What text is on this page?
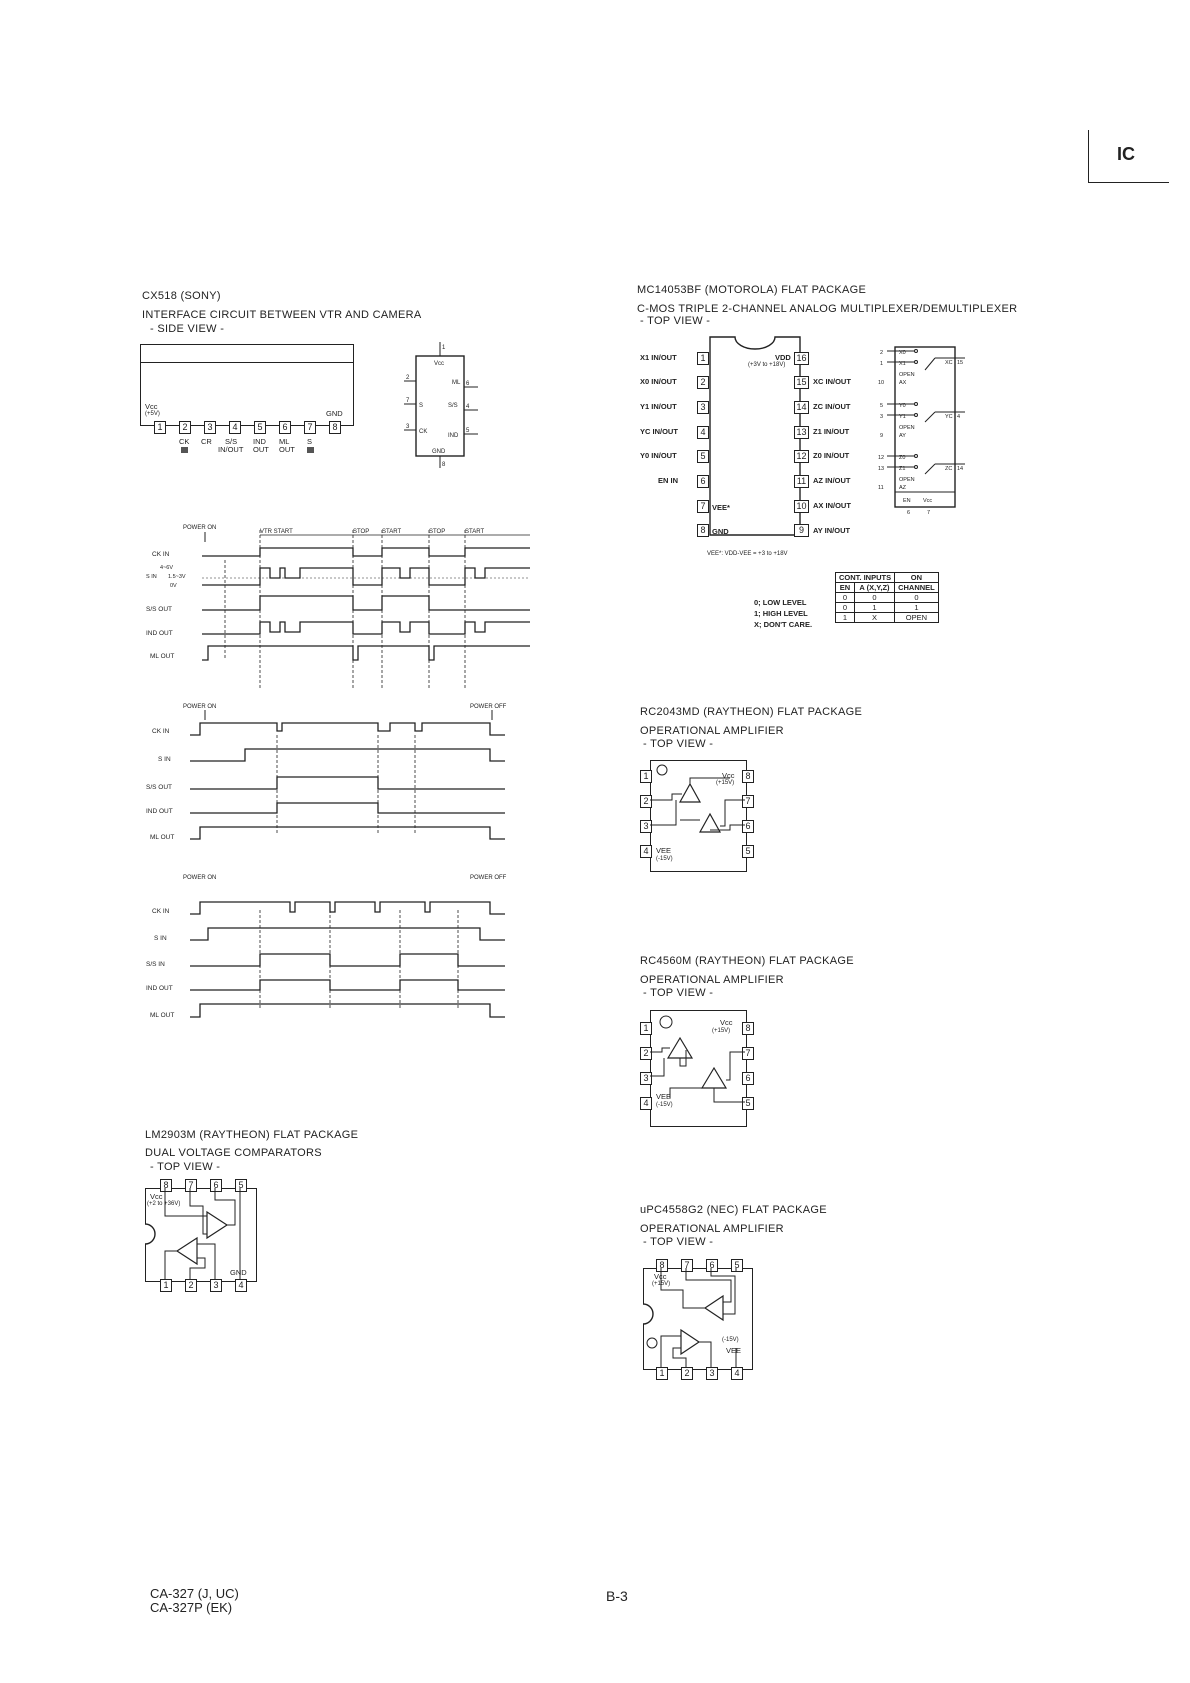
IC
CX518 (SONY)
INTERFACE CIRCUIT BETWEEN VTR AND CAMERA
- SIDE VIEW -
Vcc
(+5V)	GND
1	2	3	4	5	6	7	8
CK CR S/S IND ML S
IN/OUT OUT OUT
1
Vcc
ML 6
2
S
7
S/S 4
CK
3
IND
5
GND
8
POWER ON
VTR START	STOP START	STOP	START
CK IN
4~6V
S IN 1.5~3V
0V
S/S OUT
IND OUT
ML OUT
POWER ON	POWER OFF
CK IN
S IN
S/S OUT
IND OUT
ML OUT
POWER ON	POWER OFF
CK IN
S IN
S/S IN
IND OUT
ML OUT
LM2903M (RAYTHEON) FLAT PACKAGE
DUAL VOLTAGE COMPARATORS
- TOP VIEW -
8	7	6	5
1	2	3	4
Vcc
(+2 to +36V)
GND
MC14053BF (MOTOROLA) FLAT PACKAGE
C-MOS TRIPLE 2-CHANNEL ANALOG MULTIPLEXER/DEMULTIPLEXER
- TOP VIEW -
X1 IN/OUT
X0 IN/OUT
Y1 IN/OUT
YC IN/OUT
Y0 IN/OUT
EN IN
1
2
3
4
5
6
7
8
VEE*
GND
VDD
(+3V to +18V)
16
15
14
13
12
11
10
9
XC IN/OUT
ZC IN/OUT
Z1 IN/OUT
Z0 IN/OUT
AZ IN/OUT
AX IN/OUT
AY IN/OUT
VEE*: VDD-VEE = +3 to +18V
2	X0
1	X1
OPEN
10	AX
XC 15
5	Y0
3	Y1
OPEN
9	AY
YC 4
12	Z0
13	Z1
OPEN
11	AZ
ZC 14
EN Vcc
6	7
CONT. INPUTS		ON
EN	A (X,Y,Z)	CHANNEL
0	0	0
0	1	1
1	X	OPEN
0; LOW LEVEL
1; HIGH LEVEL
X; DON'T CARE.
RC2043MD (RAYTHEON) FLAT PACKAGE
OPERATIONAL AMPLIFIER
- TOP VIEW -
1
2
3
4
8
7
6
5
Vcc
(+15V)
VEE
(-15V)
RC4560M (RAYTHEON) FLAT PACKAGE
OPERATIONAL AMPLIFIER
- TOP VIEW -
1
2
3
4
8
7
6
5
Vcc
(+15V)
VEE
(-15V)
uPC4558G2 (NEC) FLAT PACKAGE
OPERATIONAL AMPLIFIER
- TOP VIEW -
8	7	6	5
1	2	3	4
Vcc
(+15V)
(-15V)
VEE
CA-327 (J, UC)
CA-327P (EK)
B-3
